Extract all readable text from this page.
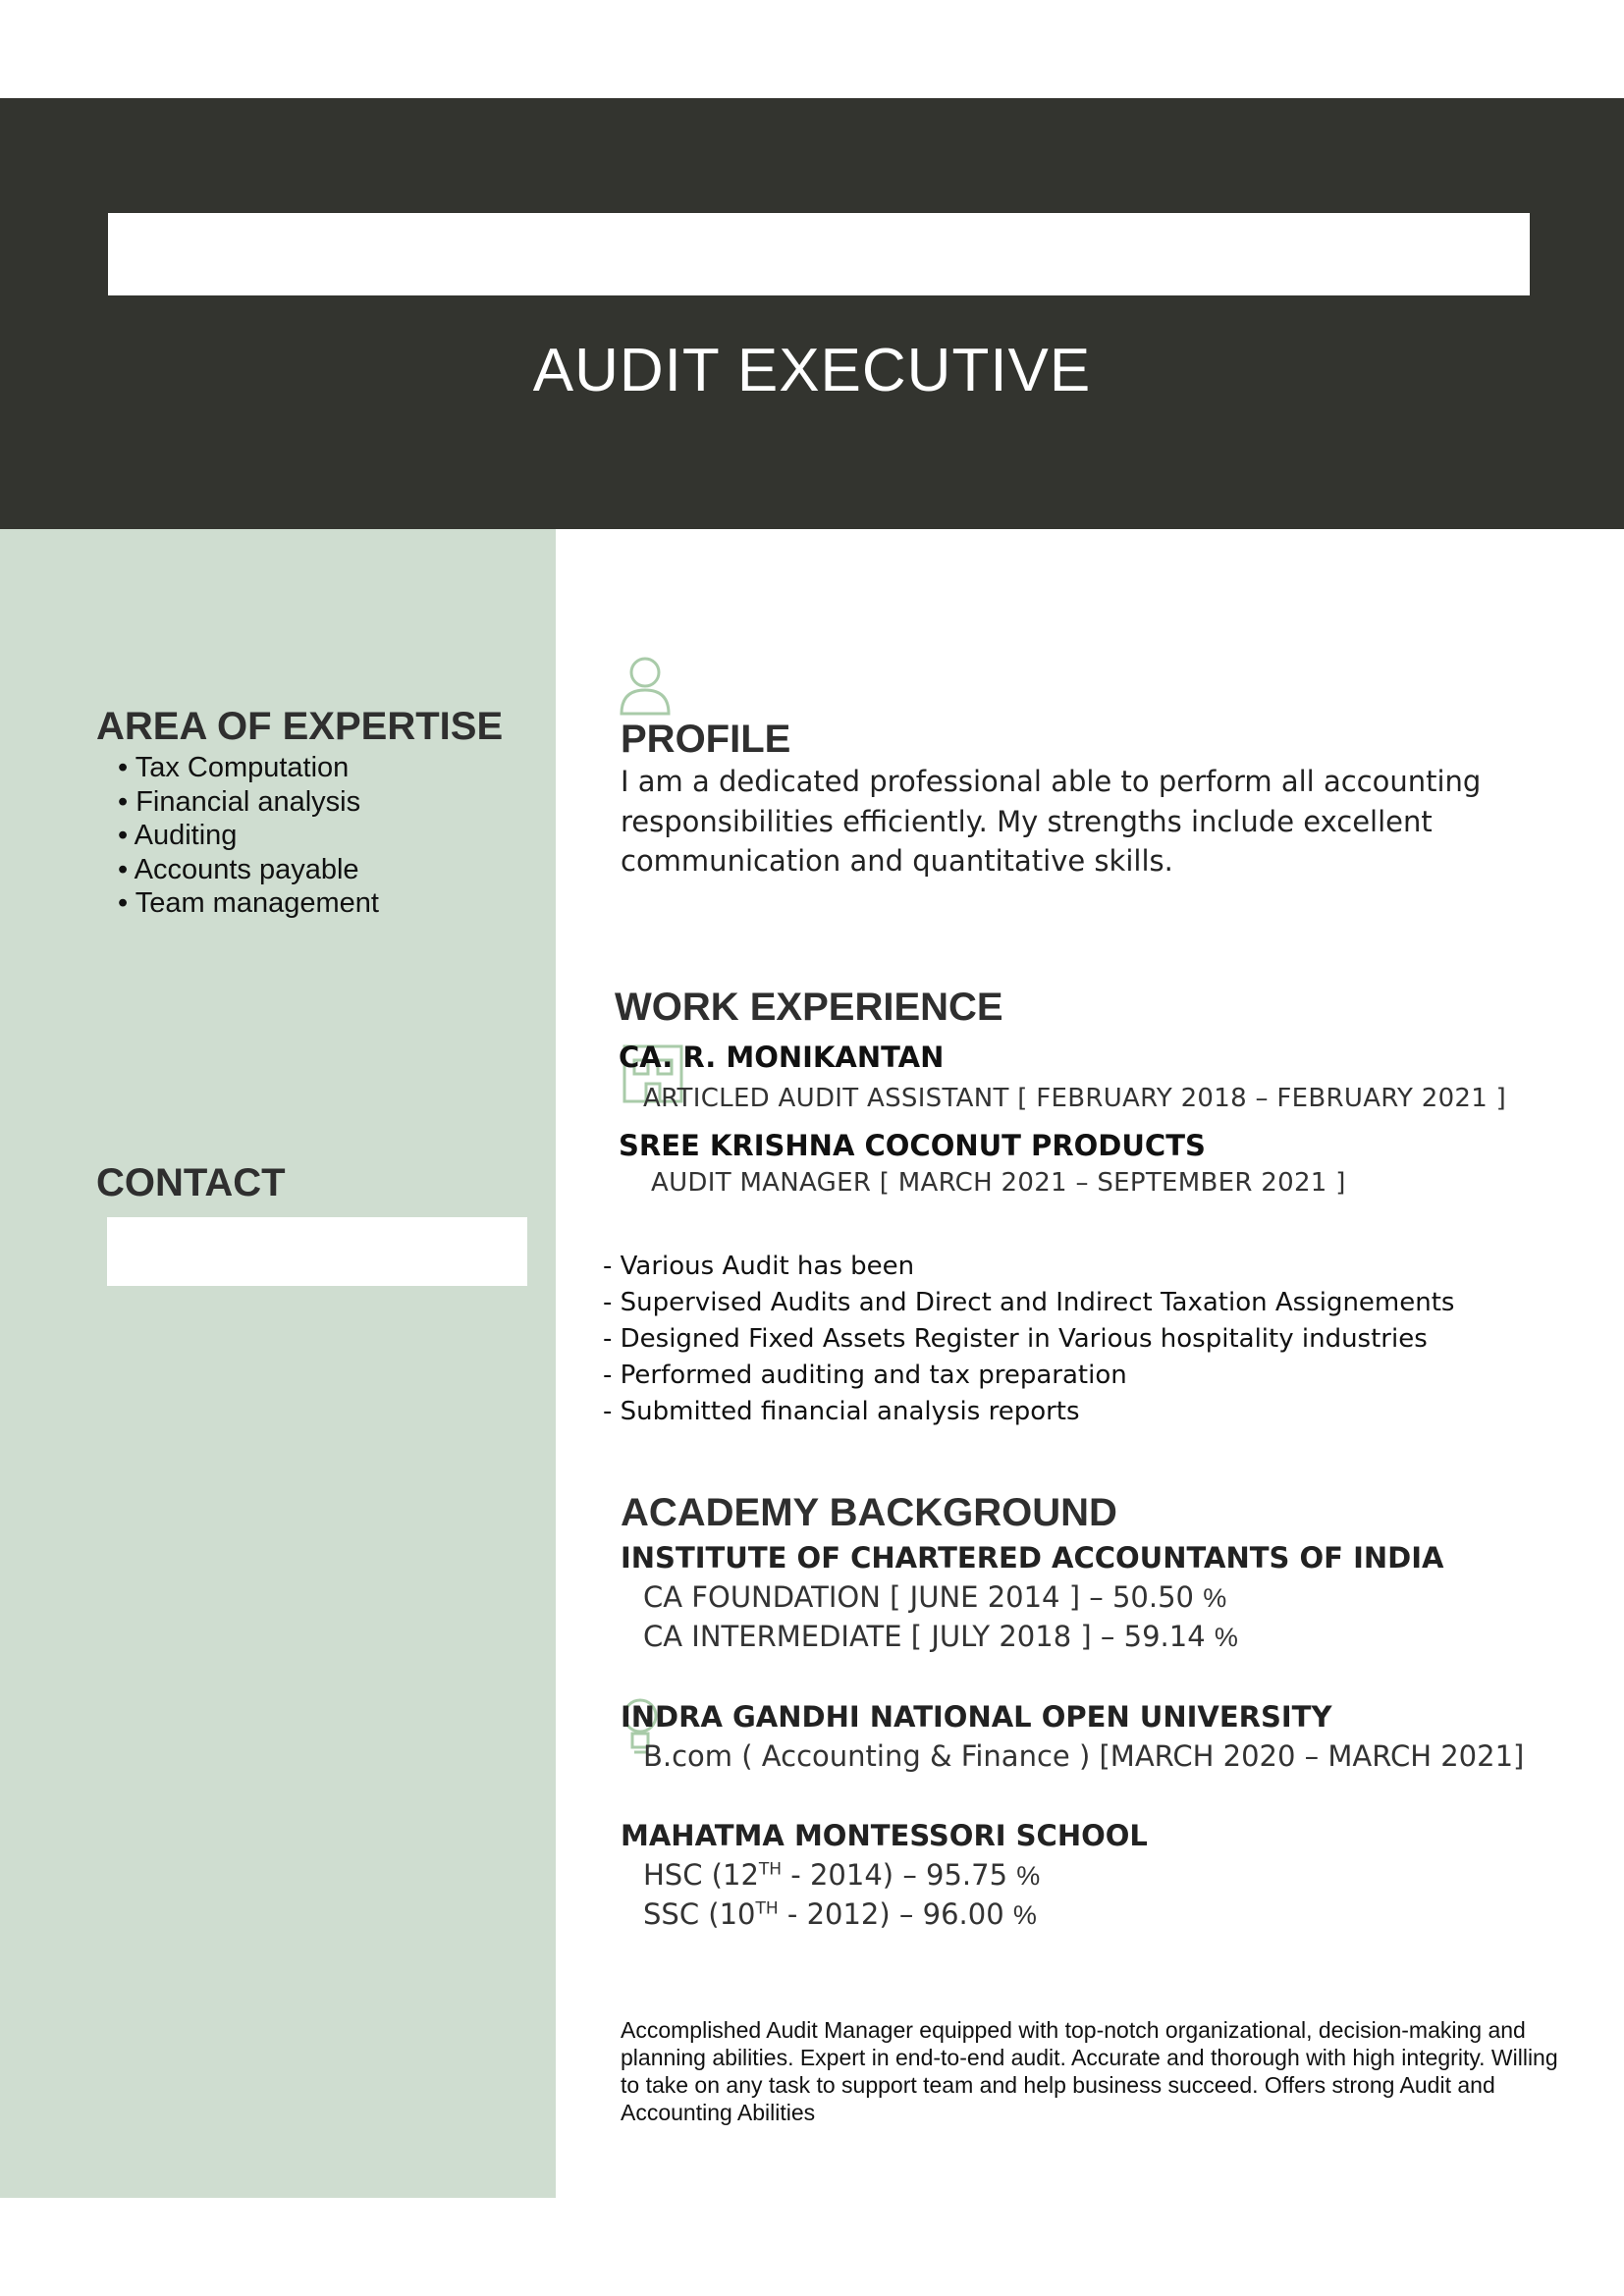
AUDIT EXECUTIVE
AREA OF EXPERTISE
• Tax Computation
• Financial analysis
• Auditing
• Accounts payable
• Team management
CONTACT
PROFILE
I am a dedicated professional able to perform all accounting responsibilities efficiently. My strengths include excellent communication and quantitative skills.
WORK EXPERIENCE
CA. R. MONIKANTAN
ARTICLED AUDIT ASSISTANT [ FEBRUARY 2018 – FEBRUARY 2021 ]
SREE KRISHNA COCONUT PRODUCTS
AUDIT MANAGER [ MARCH 2021 – SEPTEMBER 2021 ]
- Various Audit has been
- Supervised Audits and Direct and Indirect Taxation Assignements
- Designed Fixed Assets Register in Various hospitality industries
- Performed auditing and tax preparation
- Submitted financial analysis reports
ACADEMY BACKGROUND
INSTITUTE OF CHARTERED ACCOUNTANTS OF INDIA
CA FOUNDATION [ JUNE 2014 ] – 50.50 %
CA INTERMEDIATE [ JULY 2018 ] – 59.14 %
INDRA GANDHI NATIONAL OPEN UNIVERSITY
B.com ( Accounting & Finance ) [MARCH 2020 – MARCH 2021]
MAHATMA MONTESSORI SCHOOL
HSC (12TH - 2014) – 95.75 %
SSC (10TH - 2012) – 96.00 %
Accomplished Audit Manager equipped with top-notch organizational, decision-making and planning abilities. Expert in end-to-end audit. Accurate and thorough with high integrity. Willing to take on any task to support team and help business succeed. Offers strong Audit and Accounting Abilities
